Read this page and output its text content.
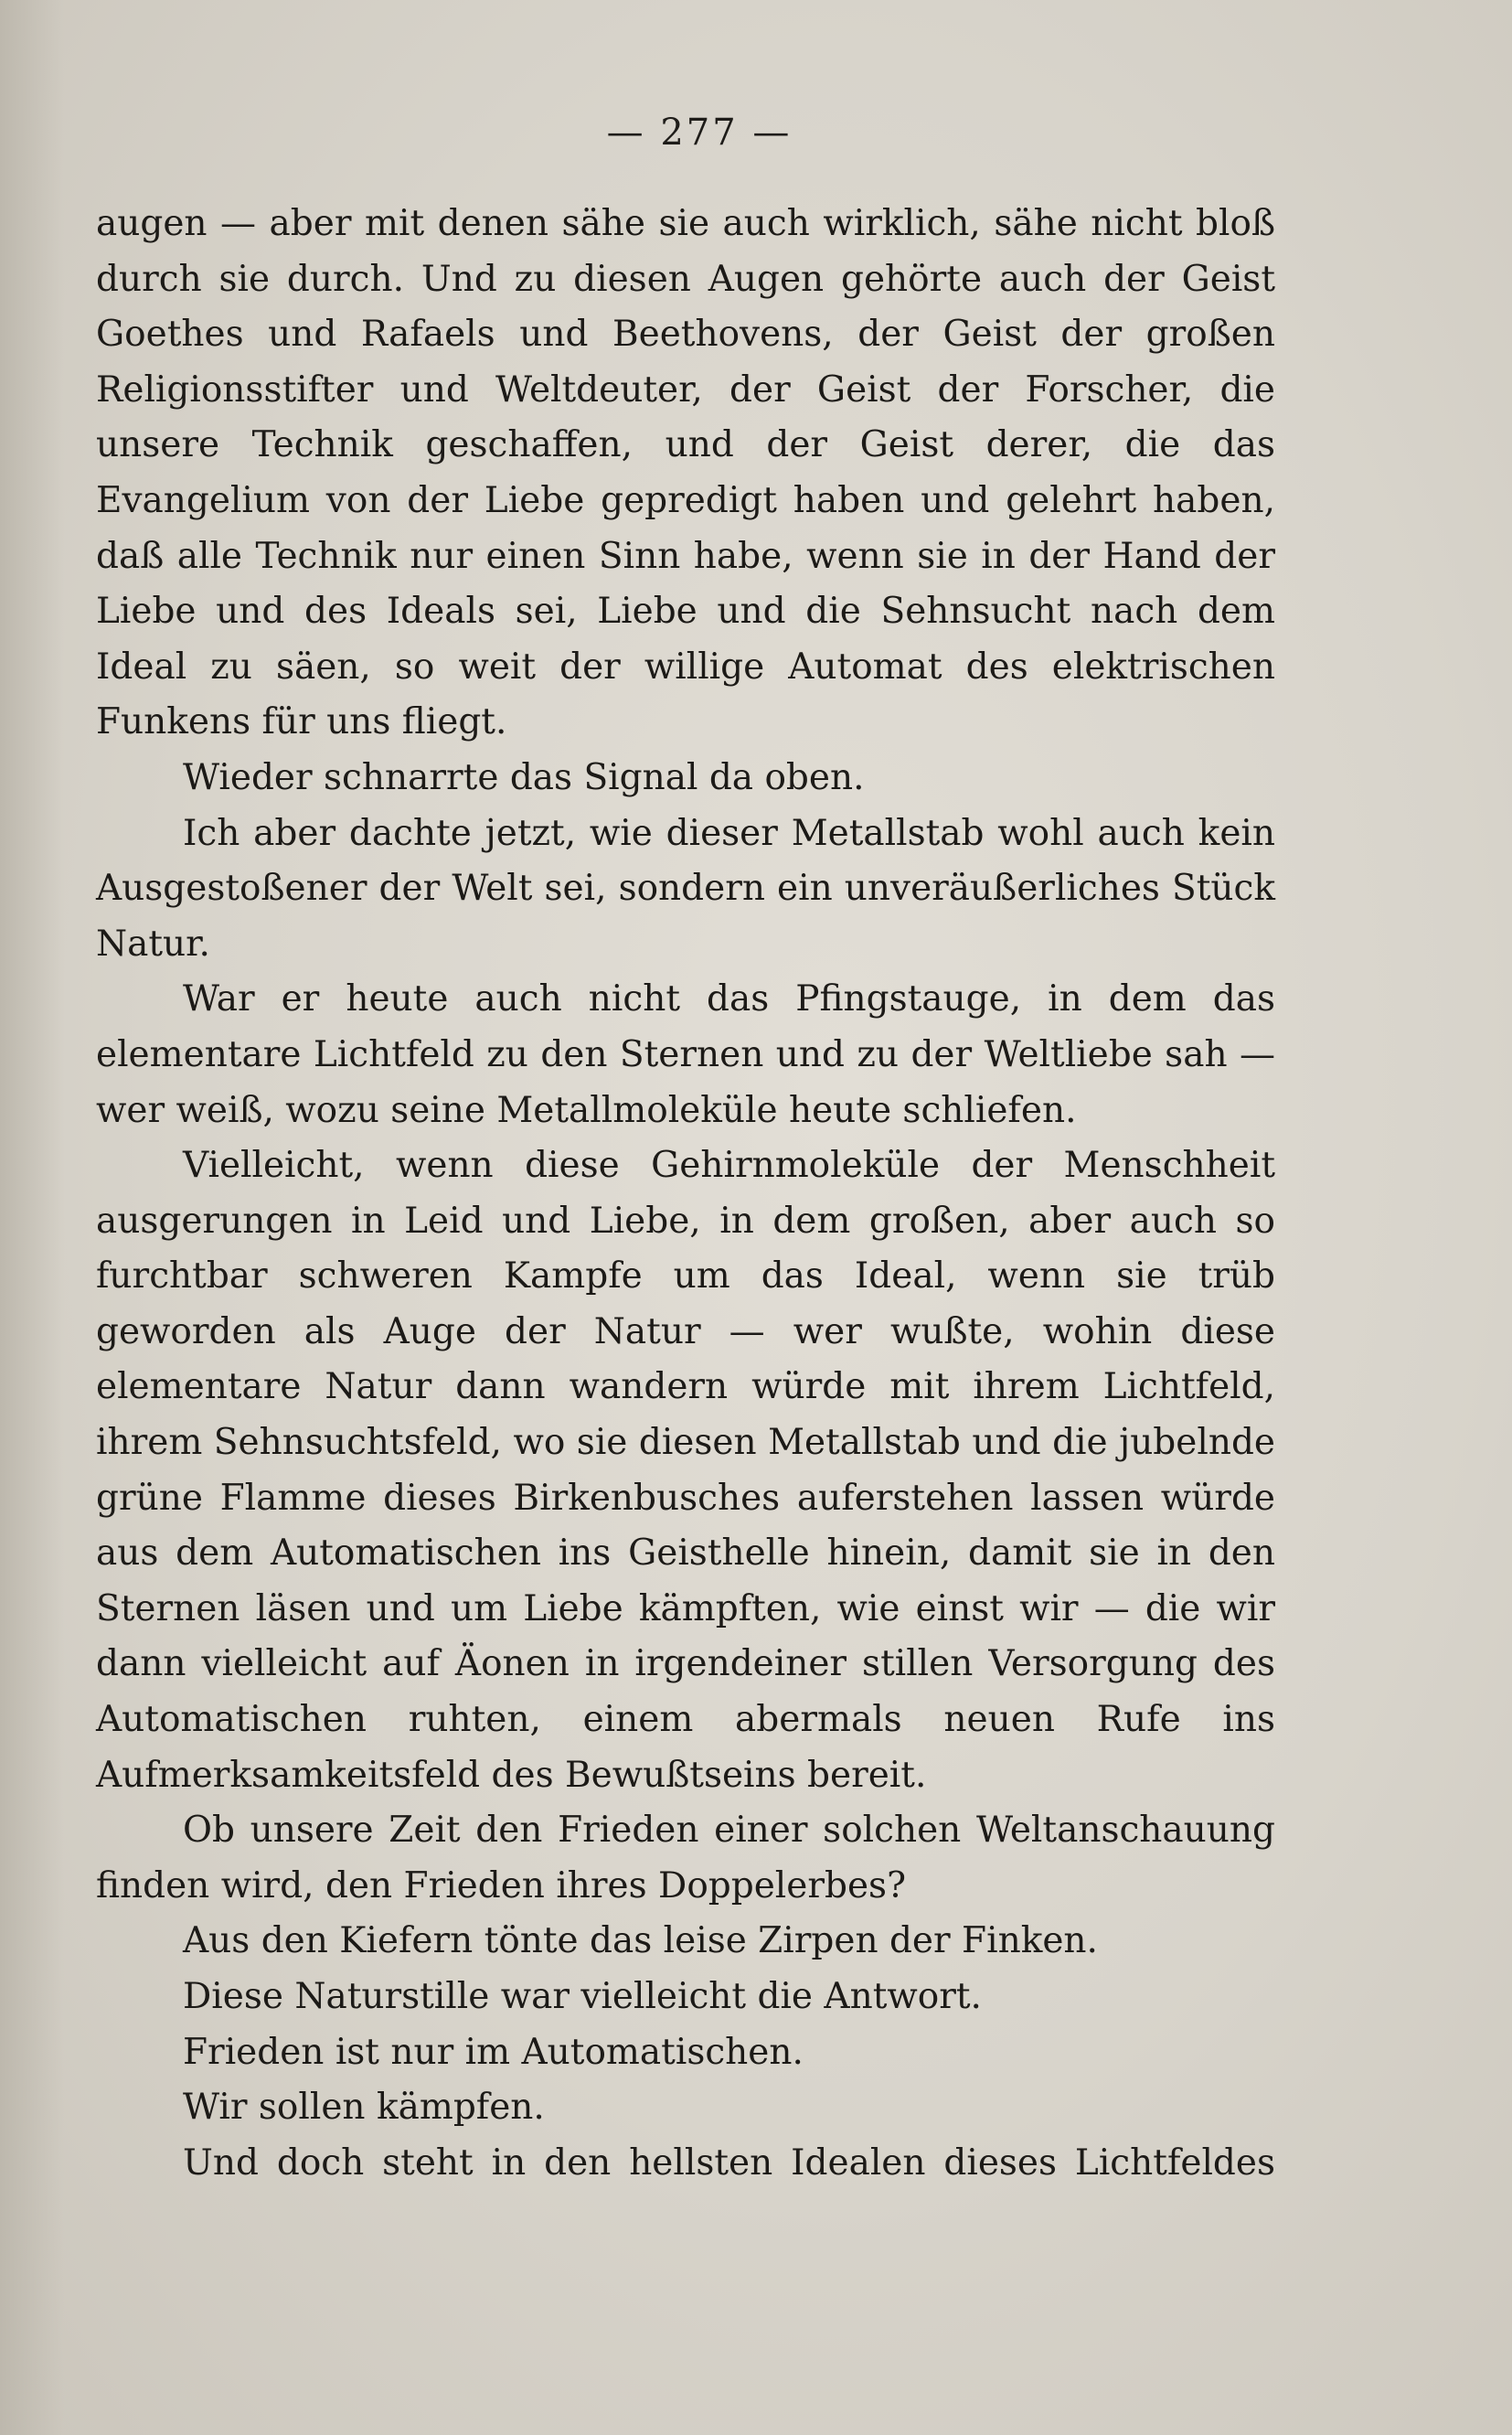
— 277 —

augen — aber mit denen sähe sie auch wirklich, sähe nicht bloß durch sie durch. Und zu diesen Augen gehörte auch der Geist Goethes und Rafaels und Beethovens, der Geist der großen Religionsstifter und Weltdeuter, der Geist der Forscher, die unsere Technik geschaffen, und der Geist derer, die das Evangelium von der Liebe gepredigt haben und gelehrt haben, daß alle Technik nur einen Sinn habe, wenn sie in der Hand der Liebe und des Ideals sei, Liebe und die Sehnsucht nach dem Ideal zu säen, so weit der willige Automat des elektrischen Funkens für uns fliegt.

Wieder schnarrte das Signal da oben.

Ich aber dachte jetzt, wie dieser Metallstab wohl auch kein Ausgestoßener der Welt sei, sondern ein unveräußerliches Stück Natur.

War er heute auch nicht das Pfingstauge, in dem das elementare Lichtfeld zu den Sternen und zu der Weltliebe sah — wer weiß, wozu seine Metallmoleküle heute schliefen.

Vielleicht, wenn diese Gehirnmoleküle der Menschheit ausgerungen in Leid und Liebe, in dem großen, aber auch so furchtbar schweren Kampfe um das Ideal, wenn sie trüb geworden als Auge der Natur — wer wußte, wohin diese elementare Natur dann wandern würde mit ihrem Lichtfeld, ihrem Sehnsuchtsfeld, wo sie diesen Metallstab und die jubelnde grüne Flamme dieses Birkenbusches auferstehen lassen würde aus dem Automatischen ins Geisthelle hinein, damit sie in den Sternen läsen und um Liebe kämpften, wie einst wir — die wir dann vielleicht auf Äonen in irgendeiner stillen Versorgung des Automatischen ruhten, einem abermals neuen Rufe ins Aufmerksamkeitsfeld des Bewußtseins bereit.

Ob unsere Zeit den Frieden einer solchen Weltanschauung finden wird, den Frieden ihres Doppelerbes?

Aus den Kiefern tönte das leise Zirpen der Finken.

Diese Naturstille war vielleicht die Antwort.

Frieden ist nur im Automatischen.

Wir sollen kämpfen.

Und doch steht in den hellsten Idealen dieses Lichtfeldes
